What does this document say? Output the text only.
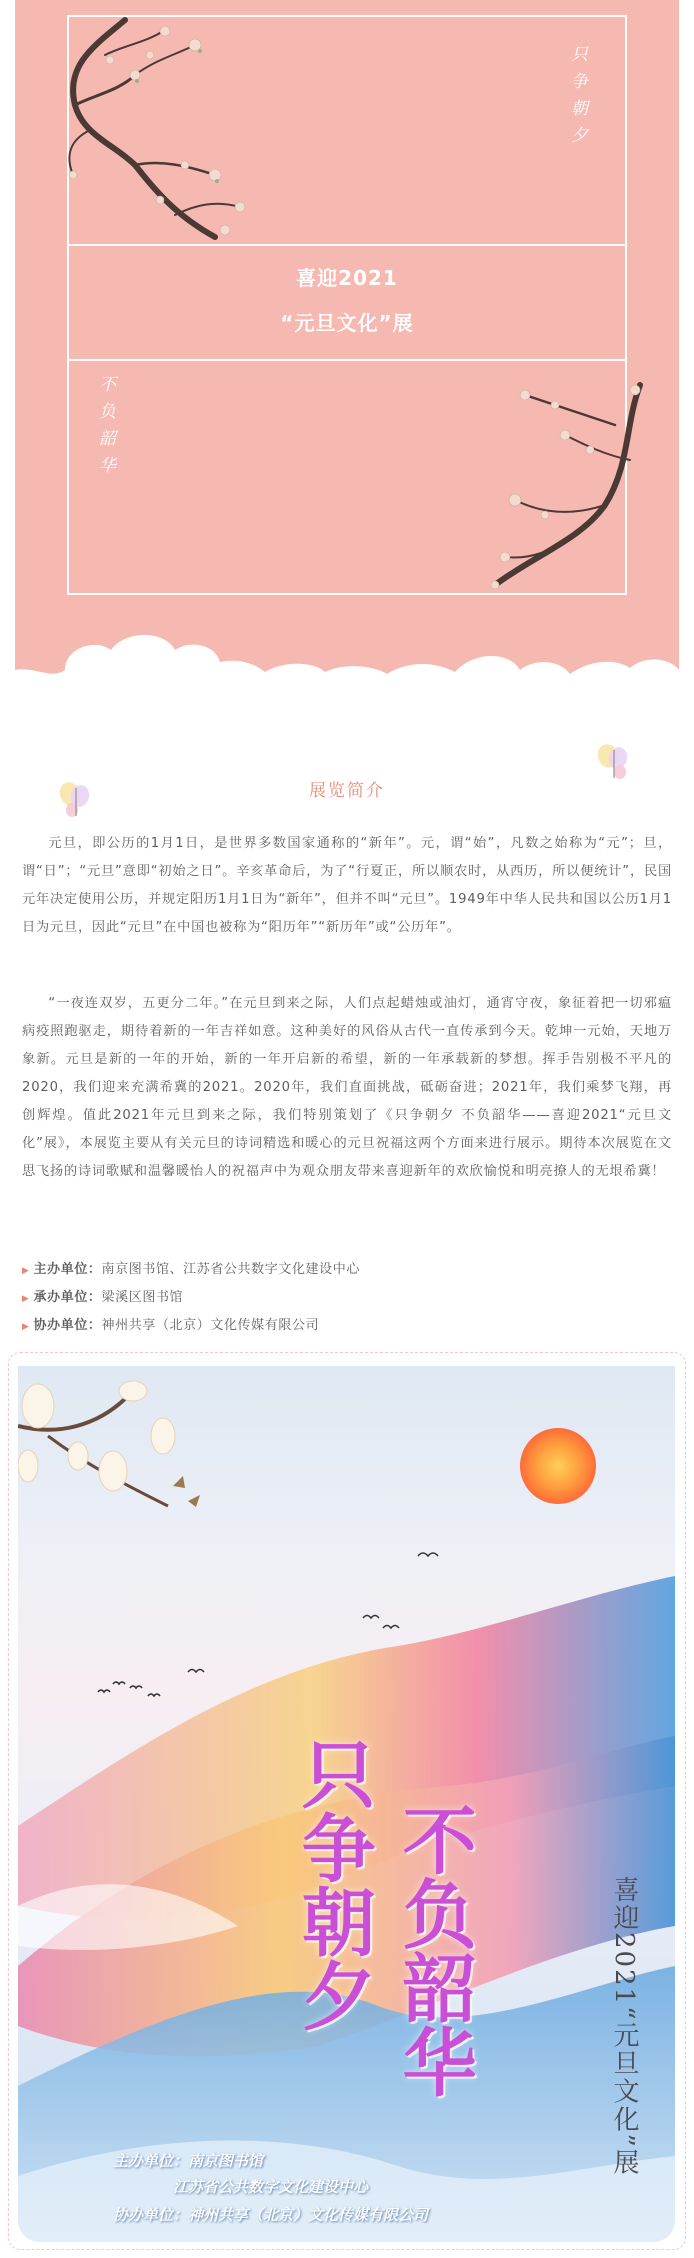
只争朝夕
喜迎2021
“元旦文化”展
不负韶华
展览简介

元旦，即公历的1月1日，是世界多数国家通称的“新年”。元，谓“始”，凡数之始称为“元”；旦，谓“日”；“元旦”意即“初始之日”。辛亥革命后，为了“行夏正，所以顺农时，从西历，所以便统计”，民国元年决定使用公历，并规定阳历1月1日为“新年”，但并不叫“元旦”。1949年中华人民共和国以公历1月1日为元旦，因此“元旦”在中国也被称为“阳历年”“新历年”或“公历年”。

“一夜连双岁，五更分二年。”在元旦到来之际，人们点起蜡烛或油灯，通宵守夜，象征着把一切邪瘟病疫照跑驱走，期待着新的一年吉祥如意。这种美好的风俗从古代一直传承到今天。乾坤一元始，天地万象新。元旦是新的一年的开始，新的一年开启新的希望，新的一年承载新的梦想。挥手告别极不平凡的2020，我们迎来充满希冀的2021。2020年，我们直面挑战，砥砺奋进；2021年，我们乘梦飞翔，再创辉煌。值此2021年元旦到来之际，我们特别策划了《只争朝夕 不负韶华——喜迎2021“元旦文化”展》，本展览主要从有关元旦的诗词精选和暖心的元旦祝福这两个方面来进行展示。期待本次展览在文思飞扬的诗词歌赋和温馨暖怡人的祝福声中为观众朋友带来喜迎新年的欢欣愉悦和明亮撩人的无垠希冀！

▶ 主办单位：南京图书馆、江苏省公共数字文化建设中心
▶ 承办单位：梁溪区图书馆
▶ 协办单位：神州共享（北京）文化传媒有限公司
不负韶华
只争朝夕	喜迎2021“元旦文化”展
主办单位：南京图书馆
江苏省公共数字文化建设中心
协办单位：神州共享（北京）文化传媒有限公司
